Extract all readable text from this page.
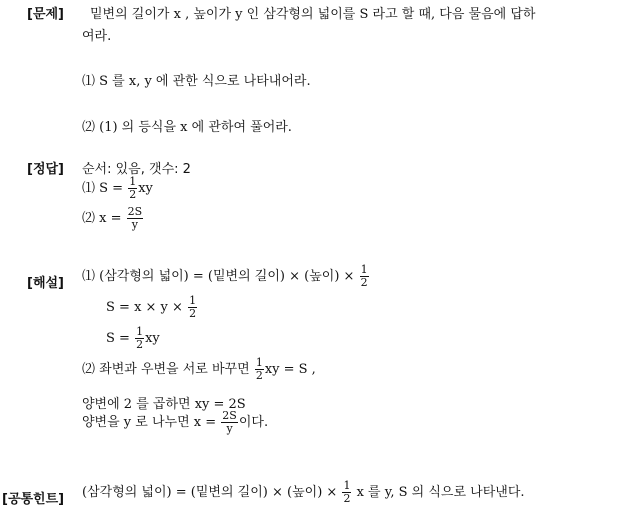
[문제] 밑변의 길이가 x , 높이가 y 인 삼각형의 넓이를 S 라고 할 때, 다음 물음에 답하
여라.
⑴ S 를 x, y 에 관한 식으로 나타내어라.
⑵ (1) 의 등식을 x 에 관하여 풀어라.
[정답] 순서: 있음, 갯수: 2
⑴ $S = \frac{1}{2}$ xy
⑵ $x = \frac{2S}{y}$
[해설] ⑴ (삼각형의 넓이) = (밑변의 길이) × (높이) × $\frac{1}{2}$
$S = x \times y \times \frac{1}{2}$
$S = \frac{1}{2}$ xy
⑵ 좌변과 우변을 서로 바꾸면 $\frac{1}{2}$ xy = S ,
양변에 2 를 곱하면 xy = 2S
양변을 y 로 나누면 $x = \frac{2S}{y}$ 이다.
[공통힌트] (삼각형의 넓이) = (밑변의 길이) × (높이) × $\frac{1}{2}$ x 를 y, S 의 식으로 나타낸다.
